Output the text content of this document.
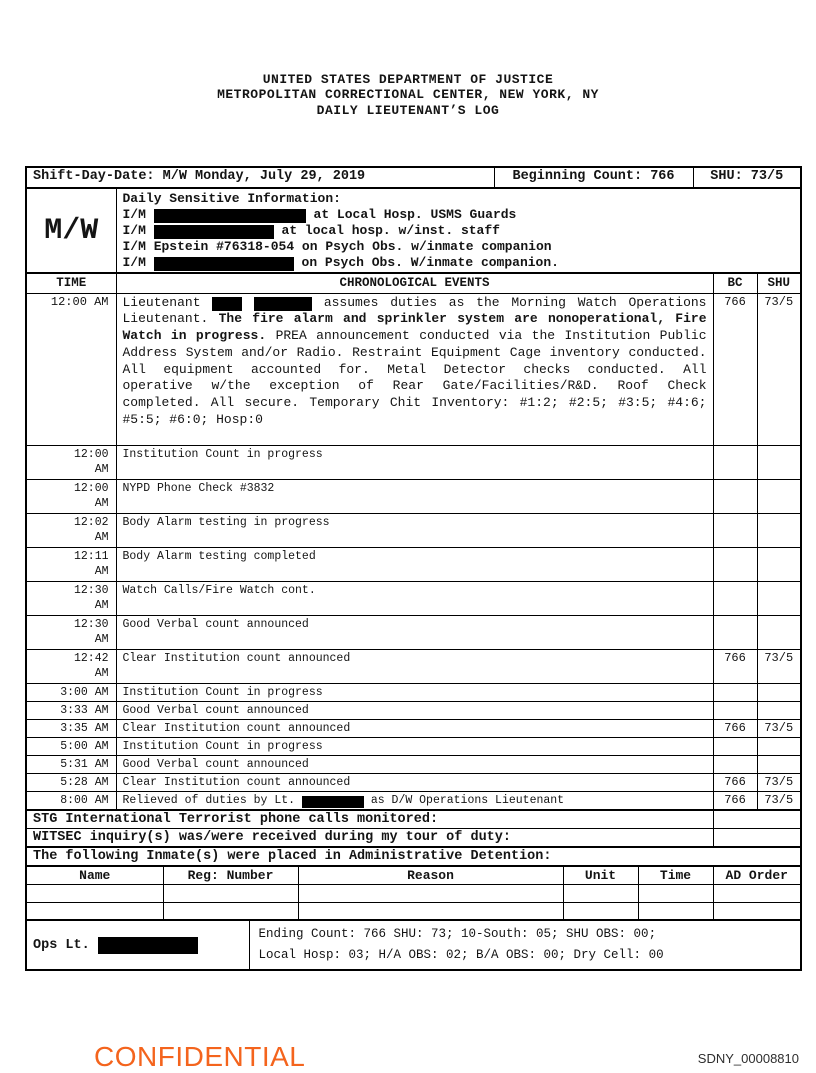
UNITED STATES DEPARTMENT OF JUSTICE
METROPOLITAN CORRECTIONAL CENTER, NEW YORK, NY
DAILY LIEUTENANT’S LOG
Shift-Day-Date: M/W Monday, July 29, 2019	Beginning Count: 766	SHU: 73/5
M/W	
Daily Sensitive Information:
I/M	at Local Hosp. USMS Guards
I/M	at local hosp. w/inst. staff
I/M Epstein #76318-054 on Psych Obs. w/inmate companion
I/M	on Psych Obs. W/inmate companion.
TIME	CHRONOLOGICAL EVENTS	BC	SHU
12:00 AM	Lieutenant assumes duties as the Morning Watch Operations Lieutenant. The fire alarm and sprinkler system are nonoperational, Fire Watch in progress. PREA announcement conducted via the Institution Public Address System and/or Radio. Restraint Equipment Cage inventory conducted. All equipment accounted for. Metal Detector checks conducted. All operative w/the exception of Rear Gate/Facilities/R&D. Roof Check completed. All secure. Temporary Chit Inventory: #1:2; #2:5; #3:5; #4:6; #5:5; #6:0; Hosp:0	766	73/5
12:00
AM	Institution Count in progress		
12:00
AM	NYPD Phone Check #3832		
12:02
AM	Body Alarm testing in progress		
12:11
AM	Body Alarm testing completed		
12:30
AM	Watch Calls/Fire Watch cont.		
12:30
AM	Good Verbal count announced		
12:42
AM	Clear Institution count announced	766	73/5
3:00 AM	Institution Count in progress		
3:33 AM	Good Verbal count announced		
3:35 AM	Clear Institution count announced	766	73/5
5:00 AM	Institution Count in progress		
5:31 AM	Good Verbal count announced		
5:28 AM	Clear Institution count announced	766	73/5
8:00 AM	Relieved of duties by Lt. as D/W Operations Lieutenant	766	73/5
STG International Terrorist phone calls monitored:	
WITSEC inquiry(s) was/were received during my tour of duty:	
The following Inmate(s) were placed in Administrative Detention:
Name	Reg: Number	Reason	Unit	Time	AD Order

Ops Lt.	
Ending Count: 766 SHU: 73; 10-South: 05; SHU OBS: 00;
Local Hosp: 03; H/A OBS: 02; B/A OBS: 00; Dry Cell: 00
CONFIDENTIAL	SDNY_00008810
